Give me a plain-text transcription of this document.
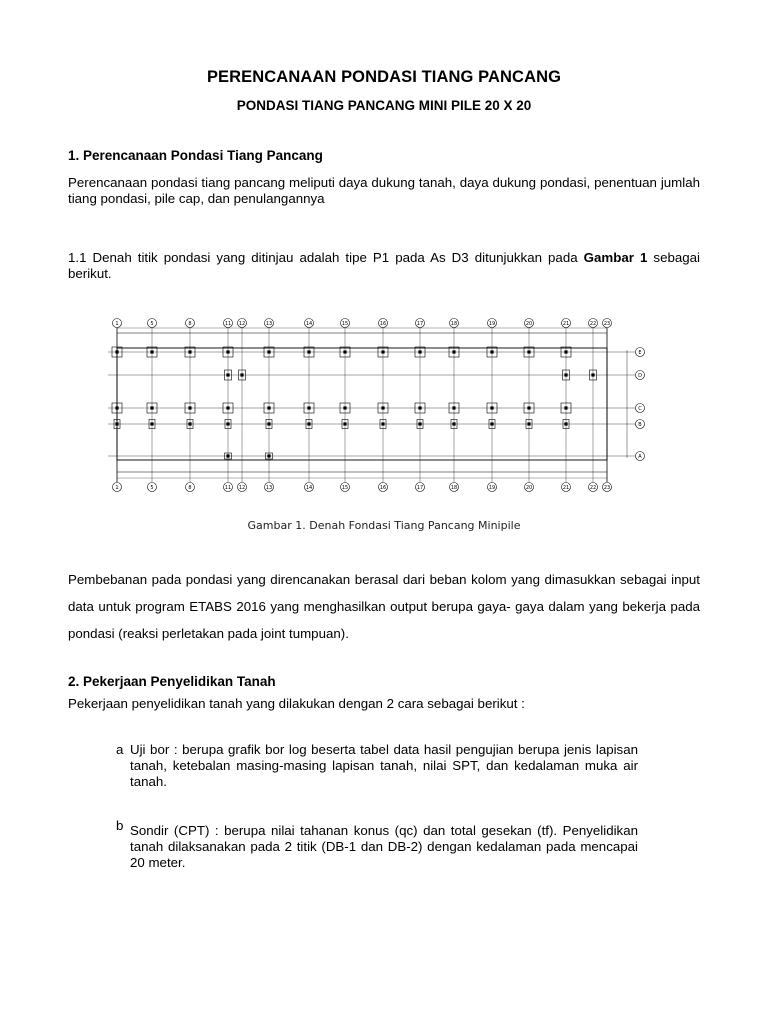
PERENCANAAN PONDASI TIANG PANCANG
PONDASI TIANG PANCANG MINI PILE 20 X 20
1. Perencanaan Pondasi Tiang Pancang
Perencanaan pondasi tiang pancang meliputi daya dukung tanah, daya dukung pondasi, penentuan jumlah tiang pondasi, pile cap, dan penulangannya
1.1 Denah titik pondasi yang ditinjau adalah tipe P1 pada As D3 ditunjukkan pada Gambar 1 sebagai berikut.
1
1
5
5
8
8
11
11
12
12
13
13
14
14
15
15
16
16
17
17
18
18
19
19
20
20
21
21
22
22
23
23
E
D
C
B
A
Gambar 1. Denah Fondasi Tiang Pancang Minipile
Pembebanan pada pondasi yang direncanakan berasal dari beban kolom yang dimasukkan sebagai input data untuk program ETABS 2016 yang menghasilkan output berupa gaya- gaya dalam yang bekerja pada pondasi (reaksi perletakan pada joint tumpuan).
2. Pekerjaan Penyelidikan Tanah
Pekerjaan penyelidikan tanah yang dilakukan dengan 2 cara sebagai berikut :
a Uji bor : berupa grafik bor log beserta tabel data hasil pengujian berupa jenis lapisan tanah, ketebalan masing-masing lapisan tanah, nilai SPT, dan kedalaman muka air tanah.
b Sondir (CPT) : berupa nilai tahanan konus (qc) dan total gesekan (tf). Penyelidikan tanah dilaksanakan pada 2 titik (DB-1 dan DB-2) dengan kedalaman pada mencapai 20 meter.
